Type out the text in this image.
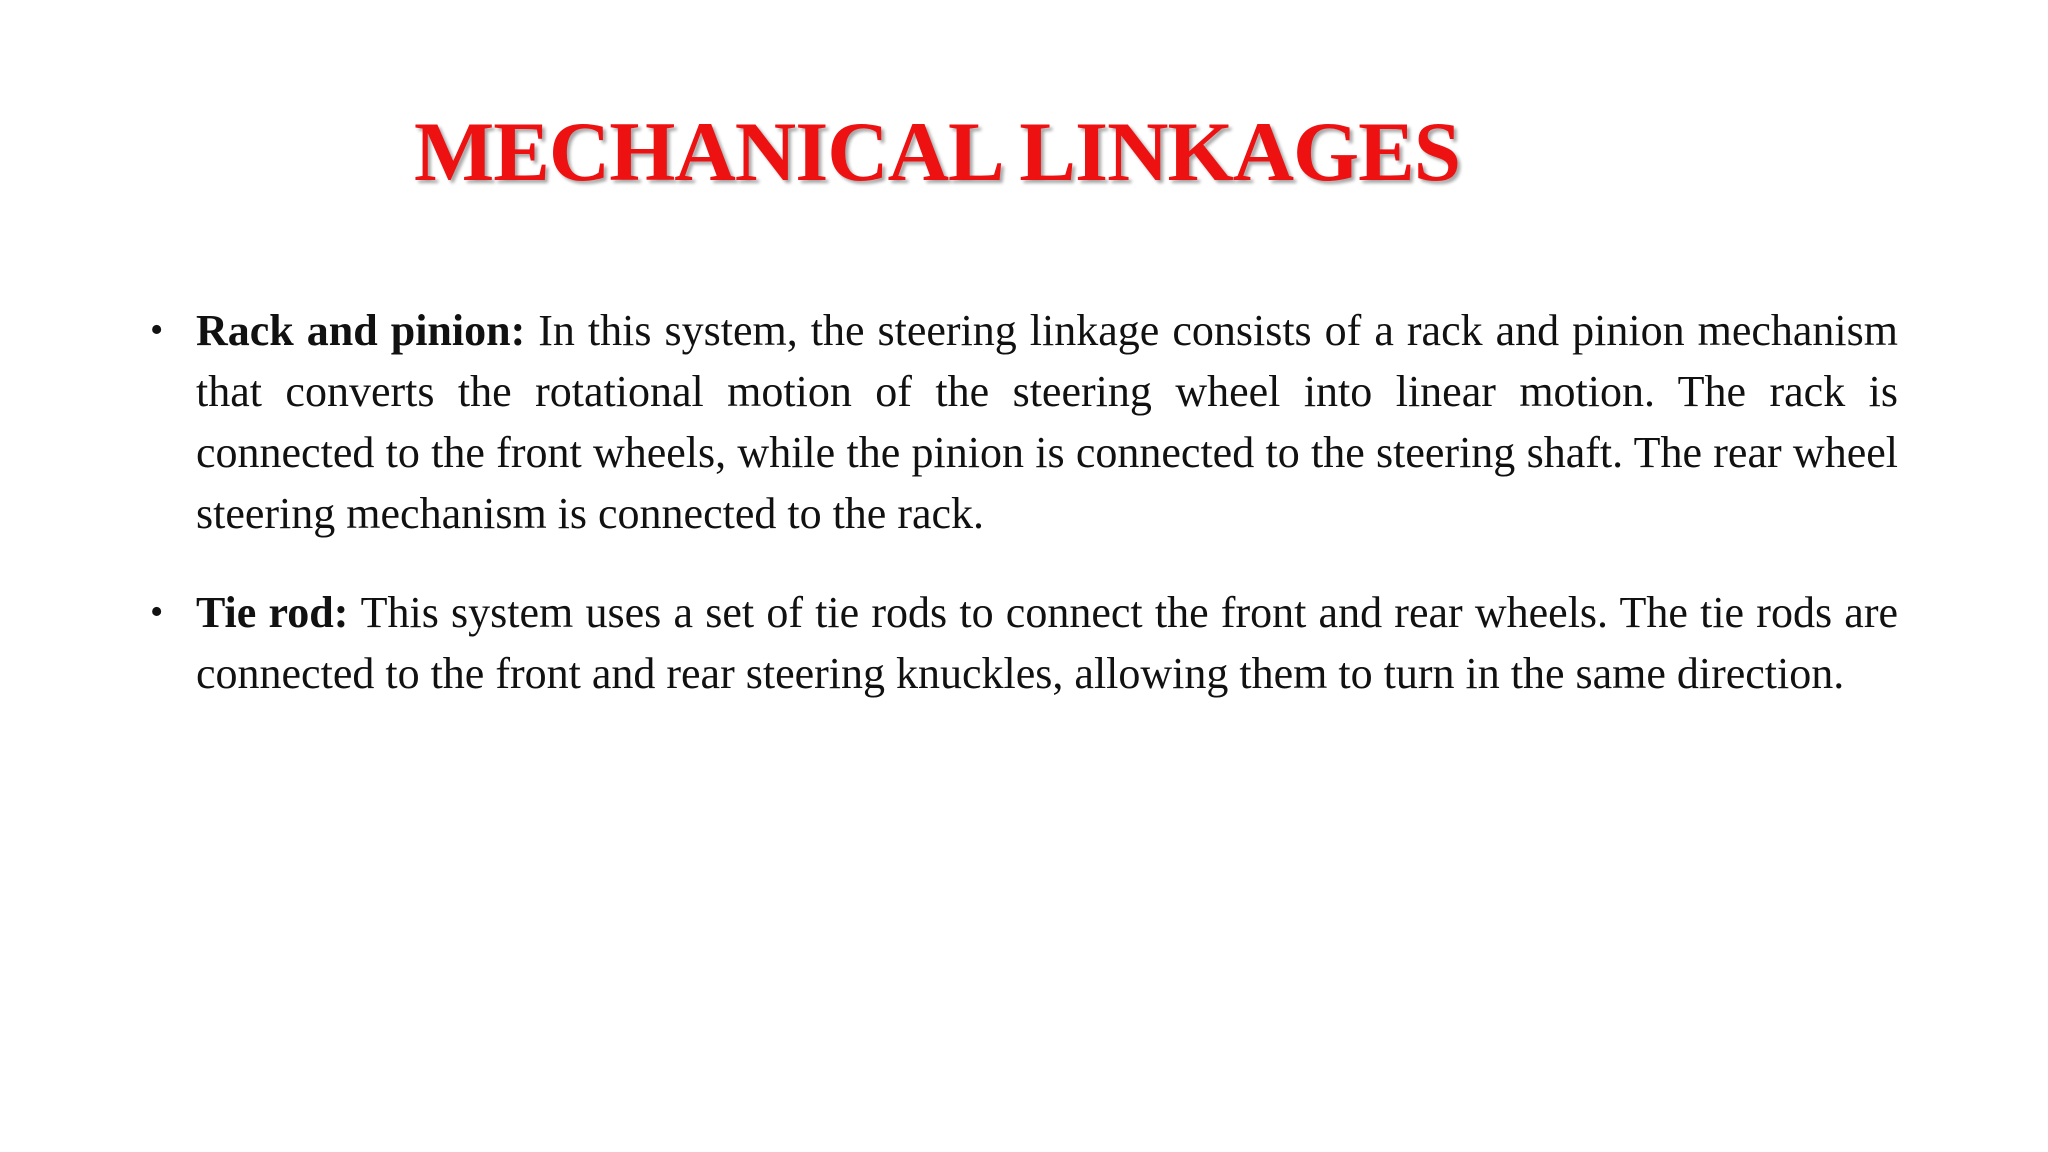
MECHANICAL LINKAGES
• Rack and pinion: In this system, the steering linkage consists of a rack and pinion mechanism that converts the rotational motion of the steering wheel into linear motion. The rack is connected to the front wheels, while the pinion is connected to the steering shaft. The rear wheel steering mechanism is connected to the rack.
• Tie rod: This system uses a set of tie rods to connect the front and rear wheels. The tie rods are connected to the front and rear steering knuckles, allowing them to turn in the same direction.
